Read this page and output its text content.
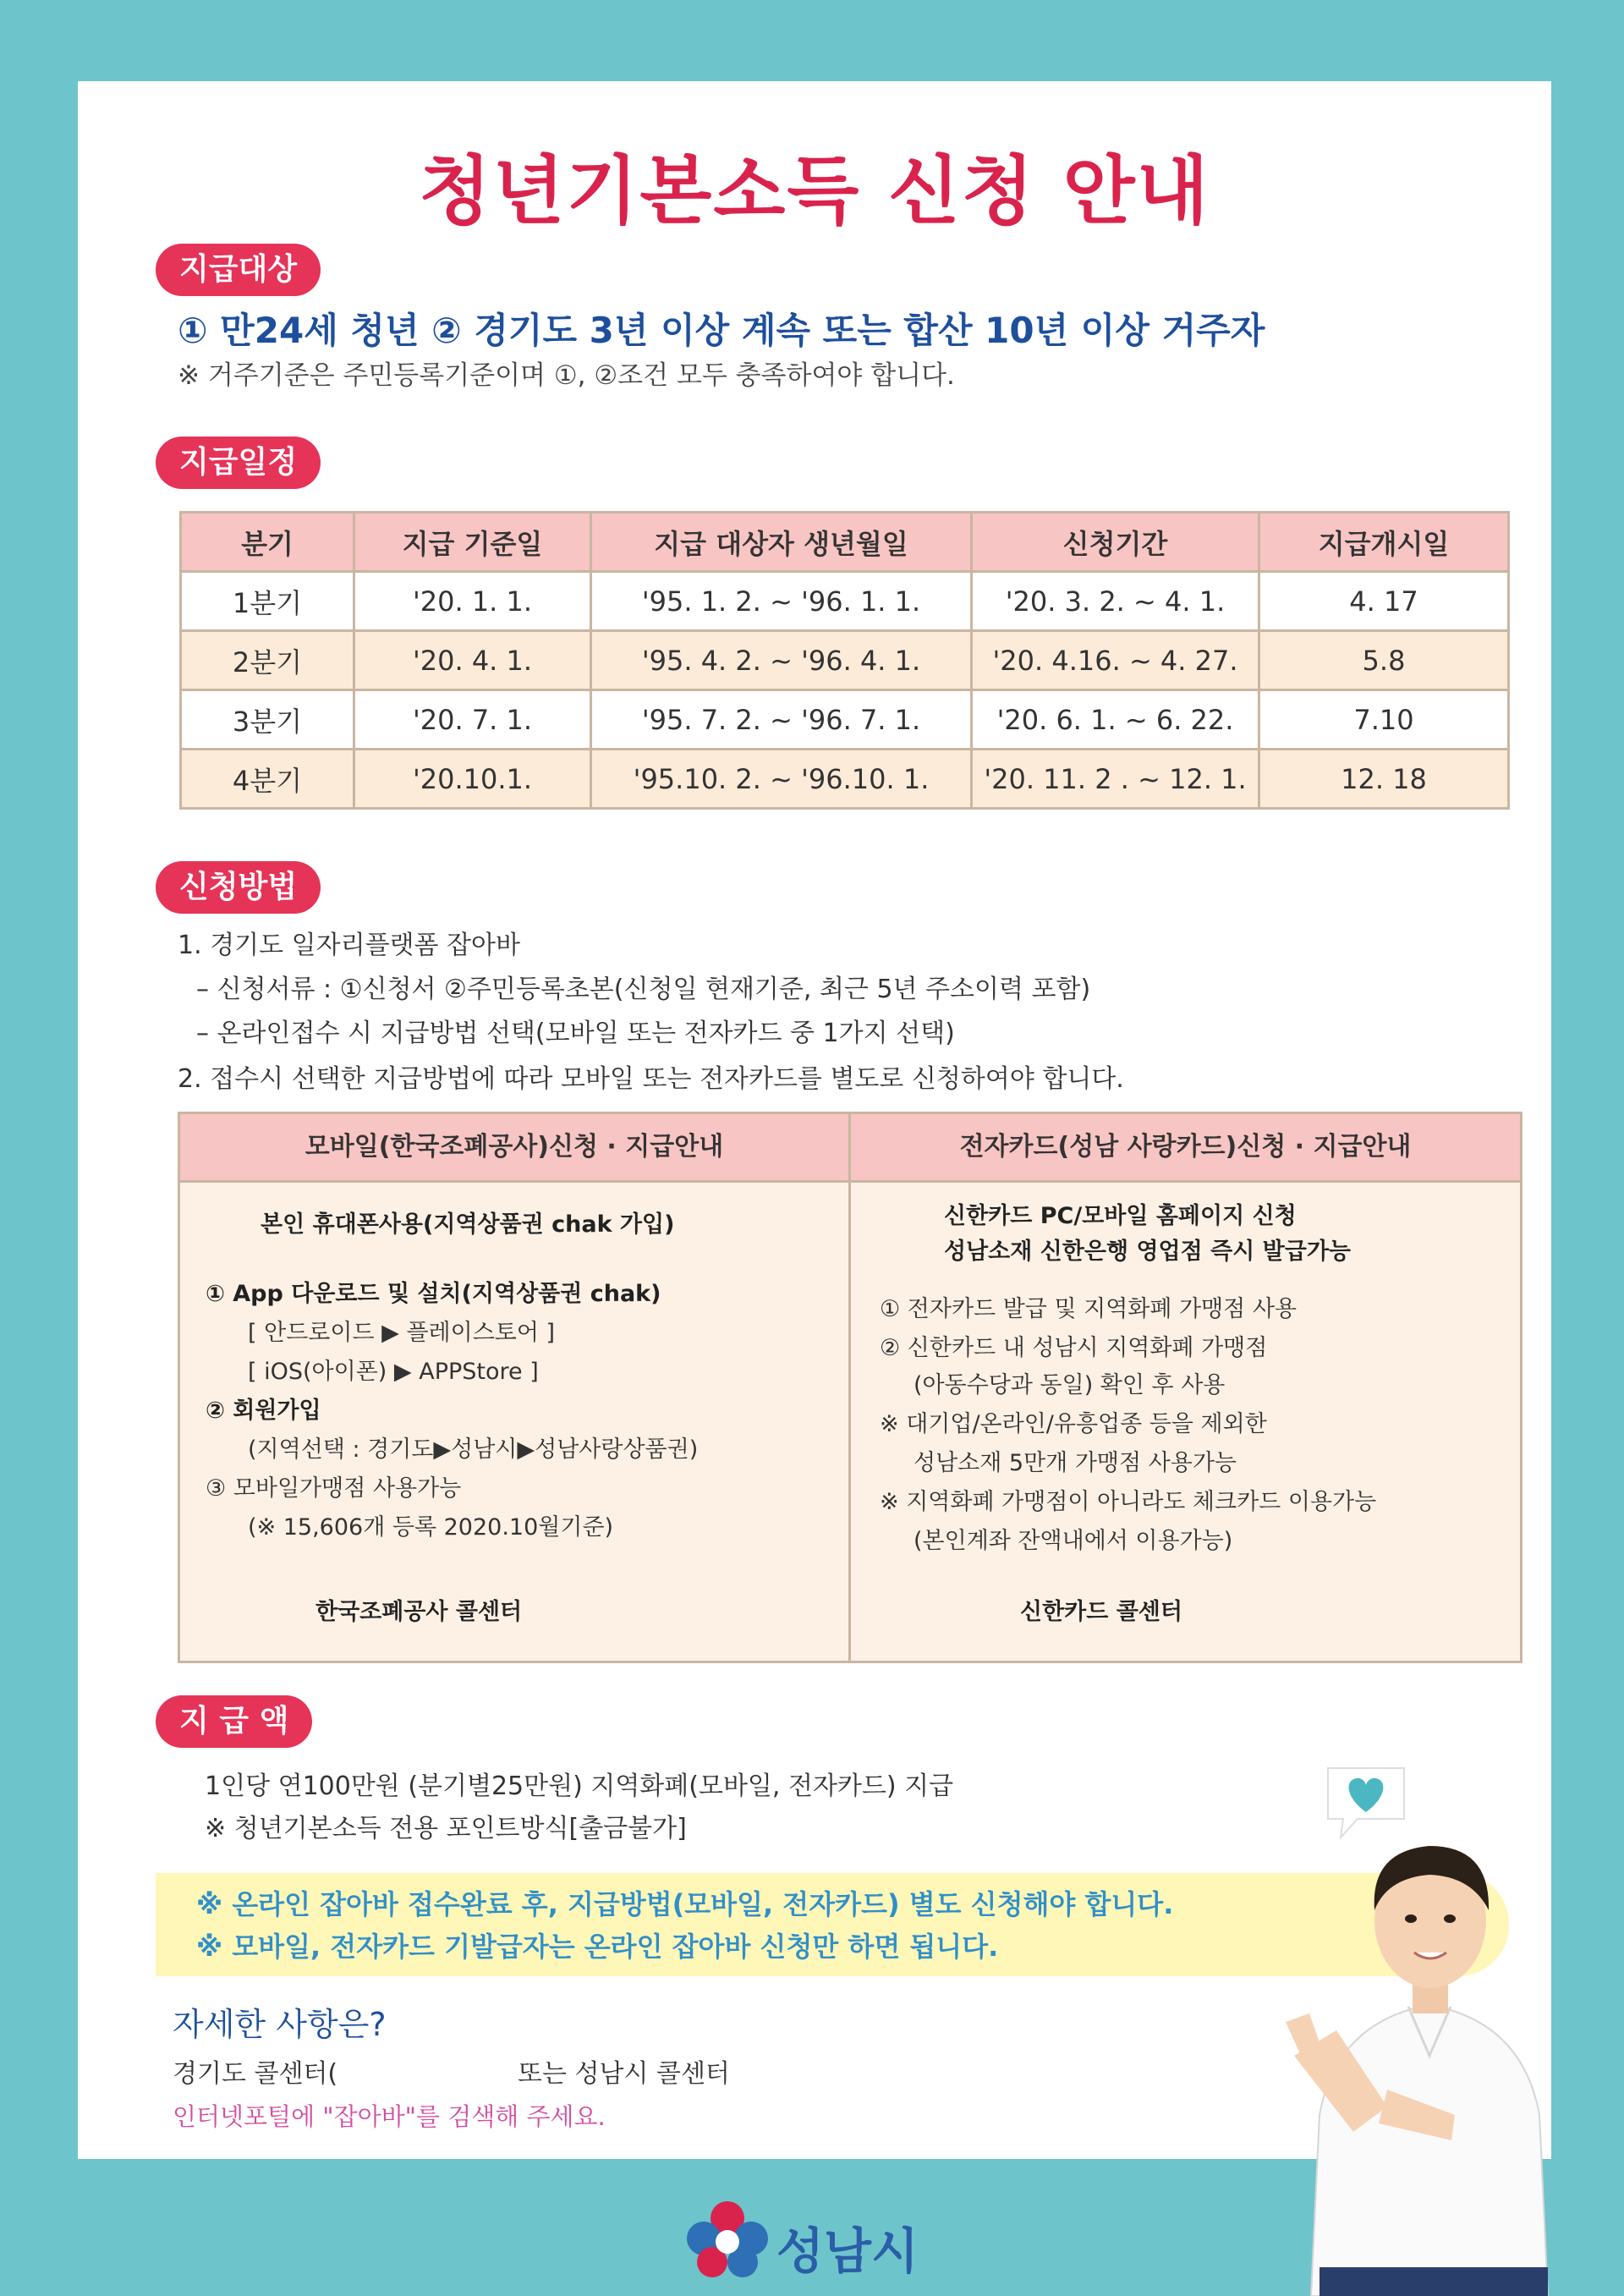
청년기본소득 신청 안내
지급대상
① 만24세 청년 ② 경기도 3년 이상 계속 또는 합산 10년 이상 거주자
※ 거주기준은 주민등록기준이며 ①, ②조건 모두 충족하여야 합니다.
지급일정
분기	지급 기준일	지급 대상자 생년월일	신청기간	지급개시일
1분기	'20. 1. 1.	'95. 1. 2. ~ '96. 1. 1.	'20. 3. 2. ~ 4. 1.	4. 17
2분기	'20. 4. 1.	'95. 4. 2. ~ '96. 4. 1.	'20. 4.16. ~ 4. 27.	5.8
3분기	'20. 7. 1.	'95. 7. 2. ~ '96. 7. 1.	'20. 6. 1. ~ 6. 22.	7.10
4분기	'20.10.1.	'95.10. 2. ~ '96.10. 1.	'20. 11. 2 . ~ 12. 1.	12. 18
신청방법
1. 경기도 일자리플랫폼 잡아바
– 신청서류 : ①신청서 ②주민등록초본(신청일 현재기준, 최근 5년 주소이력 포함)
– 온라인접수 시 지급방법 선택(모바일 또는 전자카드 중 1가지 선택)
2. 접수시 선택한 지급방법에 따라 모바일 또는 전자카드를 별도로 신청하여야 합니다.
모바일(한국조폐공사)신청 · 지급안내
본인 휴대폰사용(지역상품권 chak 가입)
① App 다운로드 및 설치(지역상품권 chak)
[ 안드로이드 ▶ 플레이스토어 ]
[ iOS(아이폰) ▶ APPStore ]
② 회원가입
(지역선택 : 경기도▶성남시▶성남사랑상품권)
③ 모바일가맹점 사용가능
(※ 15,606개 등록 2020.10월기준)
한국조폐공사 콜센터
전자카드(성남 사랑카드)신청 · 지급안내
신한카드 PC/모바일 홈페이지 신청
성남소재 신한은행 영업점 즉시 발급가능
① 전자카드 발급 및 지역화폐 가맹점 사용
② 신한카드 내 성남시 지역화폐 가맹점
(아동수당과 동일) 확인 후 사용
※ 대기업/온라인/유흥업종 등을 제외한
성남소재 5만개 가맹점 사용가능
※ 지역화폐 가맹점이 아니라도 체크카드 이용가능
(본인계좌 잔액내에서 이용가능)
신한카드 콜센터
지 급 액
1인당 연100만원 (분기별25만원) 지역화폐(모바일, 전자카드) 지급
※ 청년기본소득 전용 포인트방식[출금불가]
※ 온라인 잡아바 접수완료 후, 지급방법(모바일, 전자카드) 별도 신청해야 합니다.
※ 모바일, 전자카드 기발급자는 온라인 잡아바 신청만 하면 됩니다.
자세한 사항은?
경기도 콜센터(	또는 성남시 콜센터
인터넷포털에 "잡아바"를 검색해 주세요.
성남시
